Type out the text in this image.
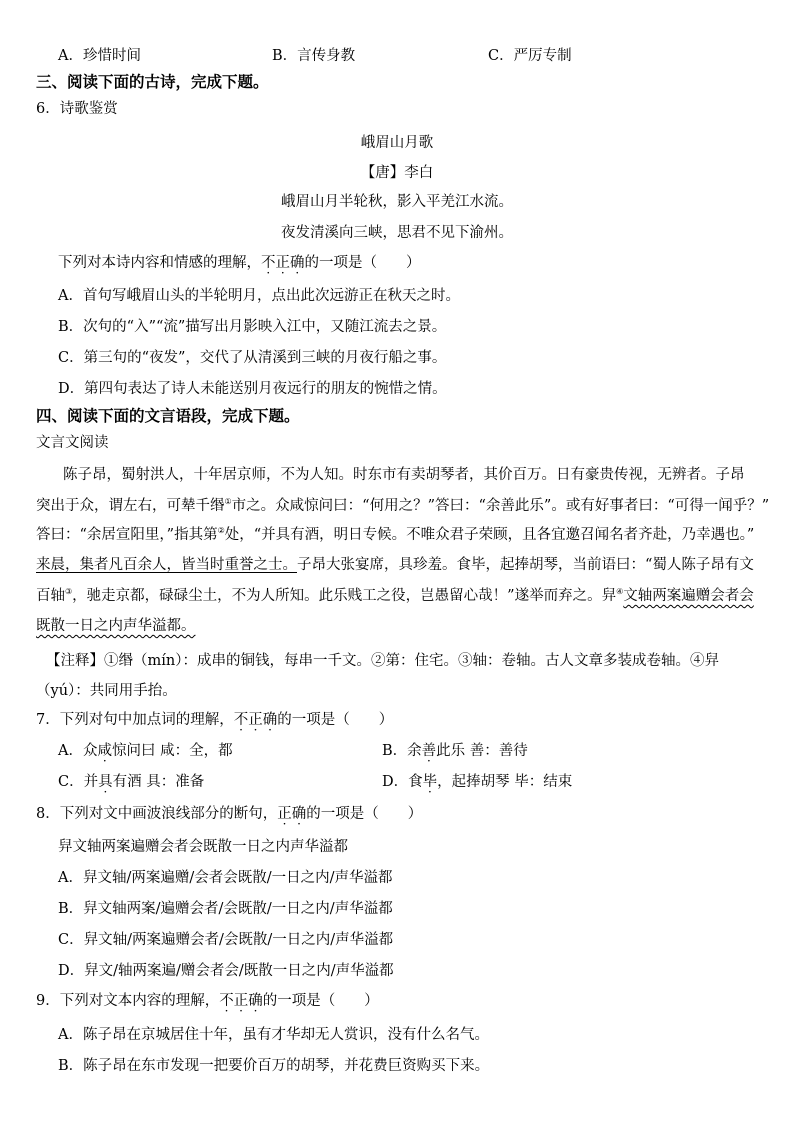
A．珍惜时间	B．言传身教	C．严厉专制
三、阅读下面的古诗，完成下题。
6．诗歌鉴赏
峨眉山月歌
【唐】李白
峨眉山月半轮秋，影入平羌江水流。
夜发清溪向三峡，思君不见下渝州。
下列对本诗内容和情感的理解，不正确的一项是（　　）
A．首句写峨眉山头的半轮明月，点出此次远游正在秋天之时。
B．次句的“入”“流”描写出月影映入江中，又随江流去之景。
C．第三句的“夜发”，交代了从清溪到三峡的月夜行船之事。
D．第四句表达了诗人未能送别月夜远行的朋友的惋惜之情。
四、阅读下面的文言语段，完成下题。
文言文阅读
陈子昂，蜀射洪人，十年居京师，不为人知。时东市有卖胡琴者，其价百万。日有豪贵传视，无辨者。子昂
突出于众，谓左右，可辇千缗①市之。众咸惊问曰：“何用之？”答曰：“余善此乐”。或有好事者曰：“可得一闻乎？”
答曰：“余居宣阳里，”指其第②处，“并具有酒，明日专候。不唯众君子荣顾，且各宜邀召闻名者齐赴，乃幸遇也。”
来晨，集者凡百余人，皆当时重誉之士。子昂大张宴席，具珍羞。食毕，起捧胡琴，当前语曰：“蜀人陈子昂有文
百轴③，驰走京都，碌碌尘土，不为人所知。此乐贱工之役，岂愚留心哉！”遂举而弃之。舁④文轴两案遍赠会者会
既散一日之内声华溢都。
【注释】①缗（mín）：成串的铜钱，每串一千文。②第：住宅。③轴：卷轴。古人文章多装成卷轴。④舁
（yú）：共同用手抬。
7．下列对句中加点词的理解，不正确的一项是（　　）
A．众咸惊问曰 咸：全，都	B．余善此乐 善：善待
C．并具有酒 具：准备	D．食毕，起捧胡琴 毕：结束
8．下列对文中画波浪线部分的断句，正确的一项是（　　）
舁文轴两案遍赠会者会既散一日之内声华溢都
A．舁文轴/两案遍赠/会者会既散/一日之内/声华溢都
B．舁文轴两案/遍赠会者/会既散/一日之内/声华溢都
C．舁文轴/两案遍赠会者/会既散/一日之内/声华溢都
D．舁文/轴两案遍/赠会者会/既散一日之内/声华溢都
9．下列对文本内容的理解，不正确的一项是（　　）
A．陈子昂在京城居住十年，虽有才华却无人赏识，没有什么名气。
B．陈子昂在东市发现一把要价百万的胡琴，并花费巨资购买下来。
